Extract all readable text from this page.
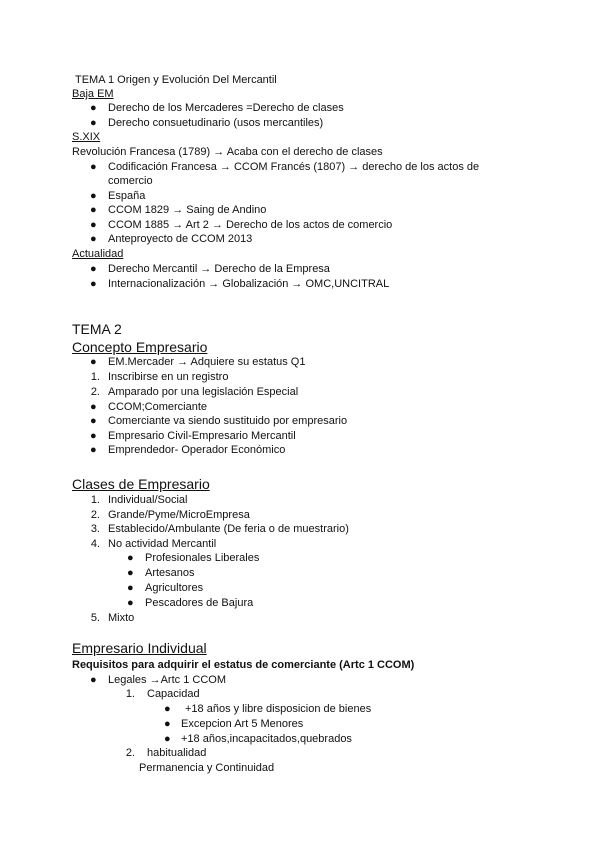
TEMA 1 Origen y Evolución Del Mercantil
Baja EM
● Derecho de los Mercaderes =Derecho de clases
● Derecho consuetudinario (usos mercantiles)
S.XIX
Revolución Francesa (1789) → Acaba con el derecho de clases
● Codificación Francesa → CCOM Francés (1807) → derecho de los actos de
comercio
● España
● CCOM 1829 → Saing de Andino
● CCOM 1885 → Art 2 → Derecho de los actos de comercio
● Anteproyecto de CCOM 2013
Actualidad
● Derecho Mercantil → Derecho de la Empresa
● Internacionalización → Globalización → OMC,UNCITRAL
TEMA 2
Concepto Empresario
● EM.Mercader → Adquiere su estatus Q1
1. Inscribirse en un registro
2. Amparado por una legislación Especial
● CCOM;Comerciante
● Comerciante va siendo sustituido por empresario
● Empresario Civil-Empresario Mercantil
● Emprendedor- Operador Económico
Clases de Empresario
1. Individual/Social
2. Grande/Pyme/MicroEmpresa
3. Establecido/Ambulante (De feria o de muestrario)
4. No actividad Mercantil
● Profesionales Liberales
● Artesanos
● Agricultores
● Pescadores de Bajura
5. Mixto
Empresario Individual
Requisitos para adquirir el estatus de comerciante (Artc 1 CCOM)
● Legales →Artc 1 CCOM
1. Capacidad
● +18 años y libre disposicion de bienes
● Excepcion Art 5 Menores
● +18 años,incapacitados,quebrados
2. habitualidad
Permanencia y Continuidad
